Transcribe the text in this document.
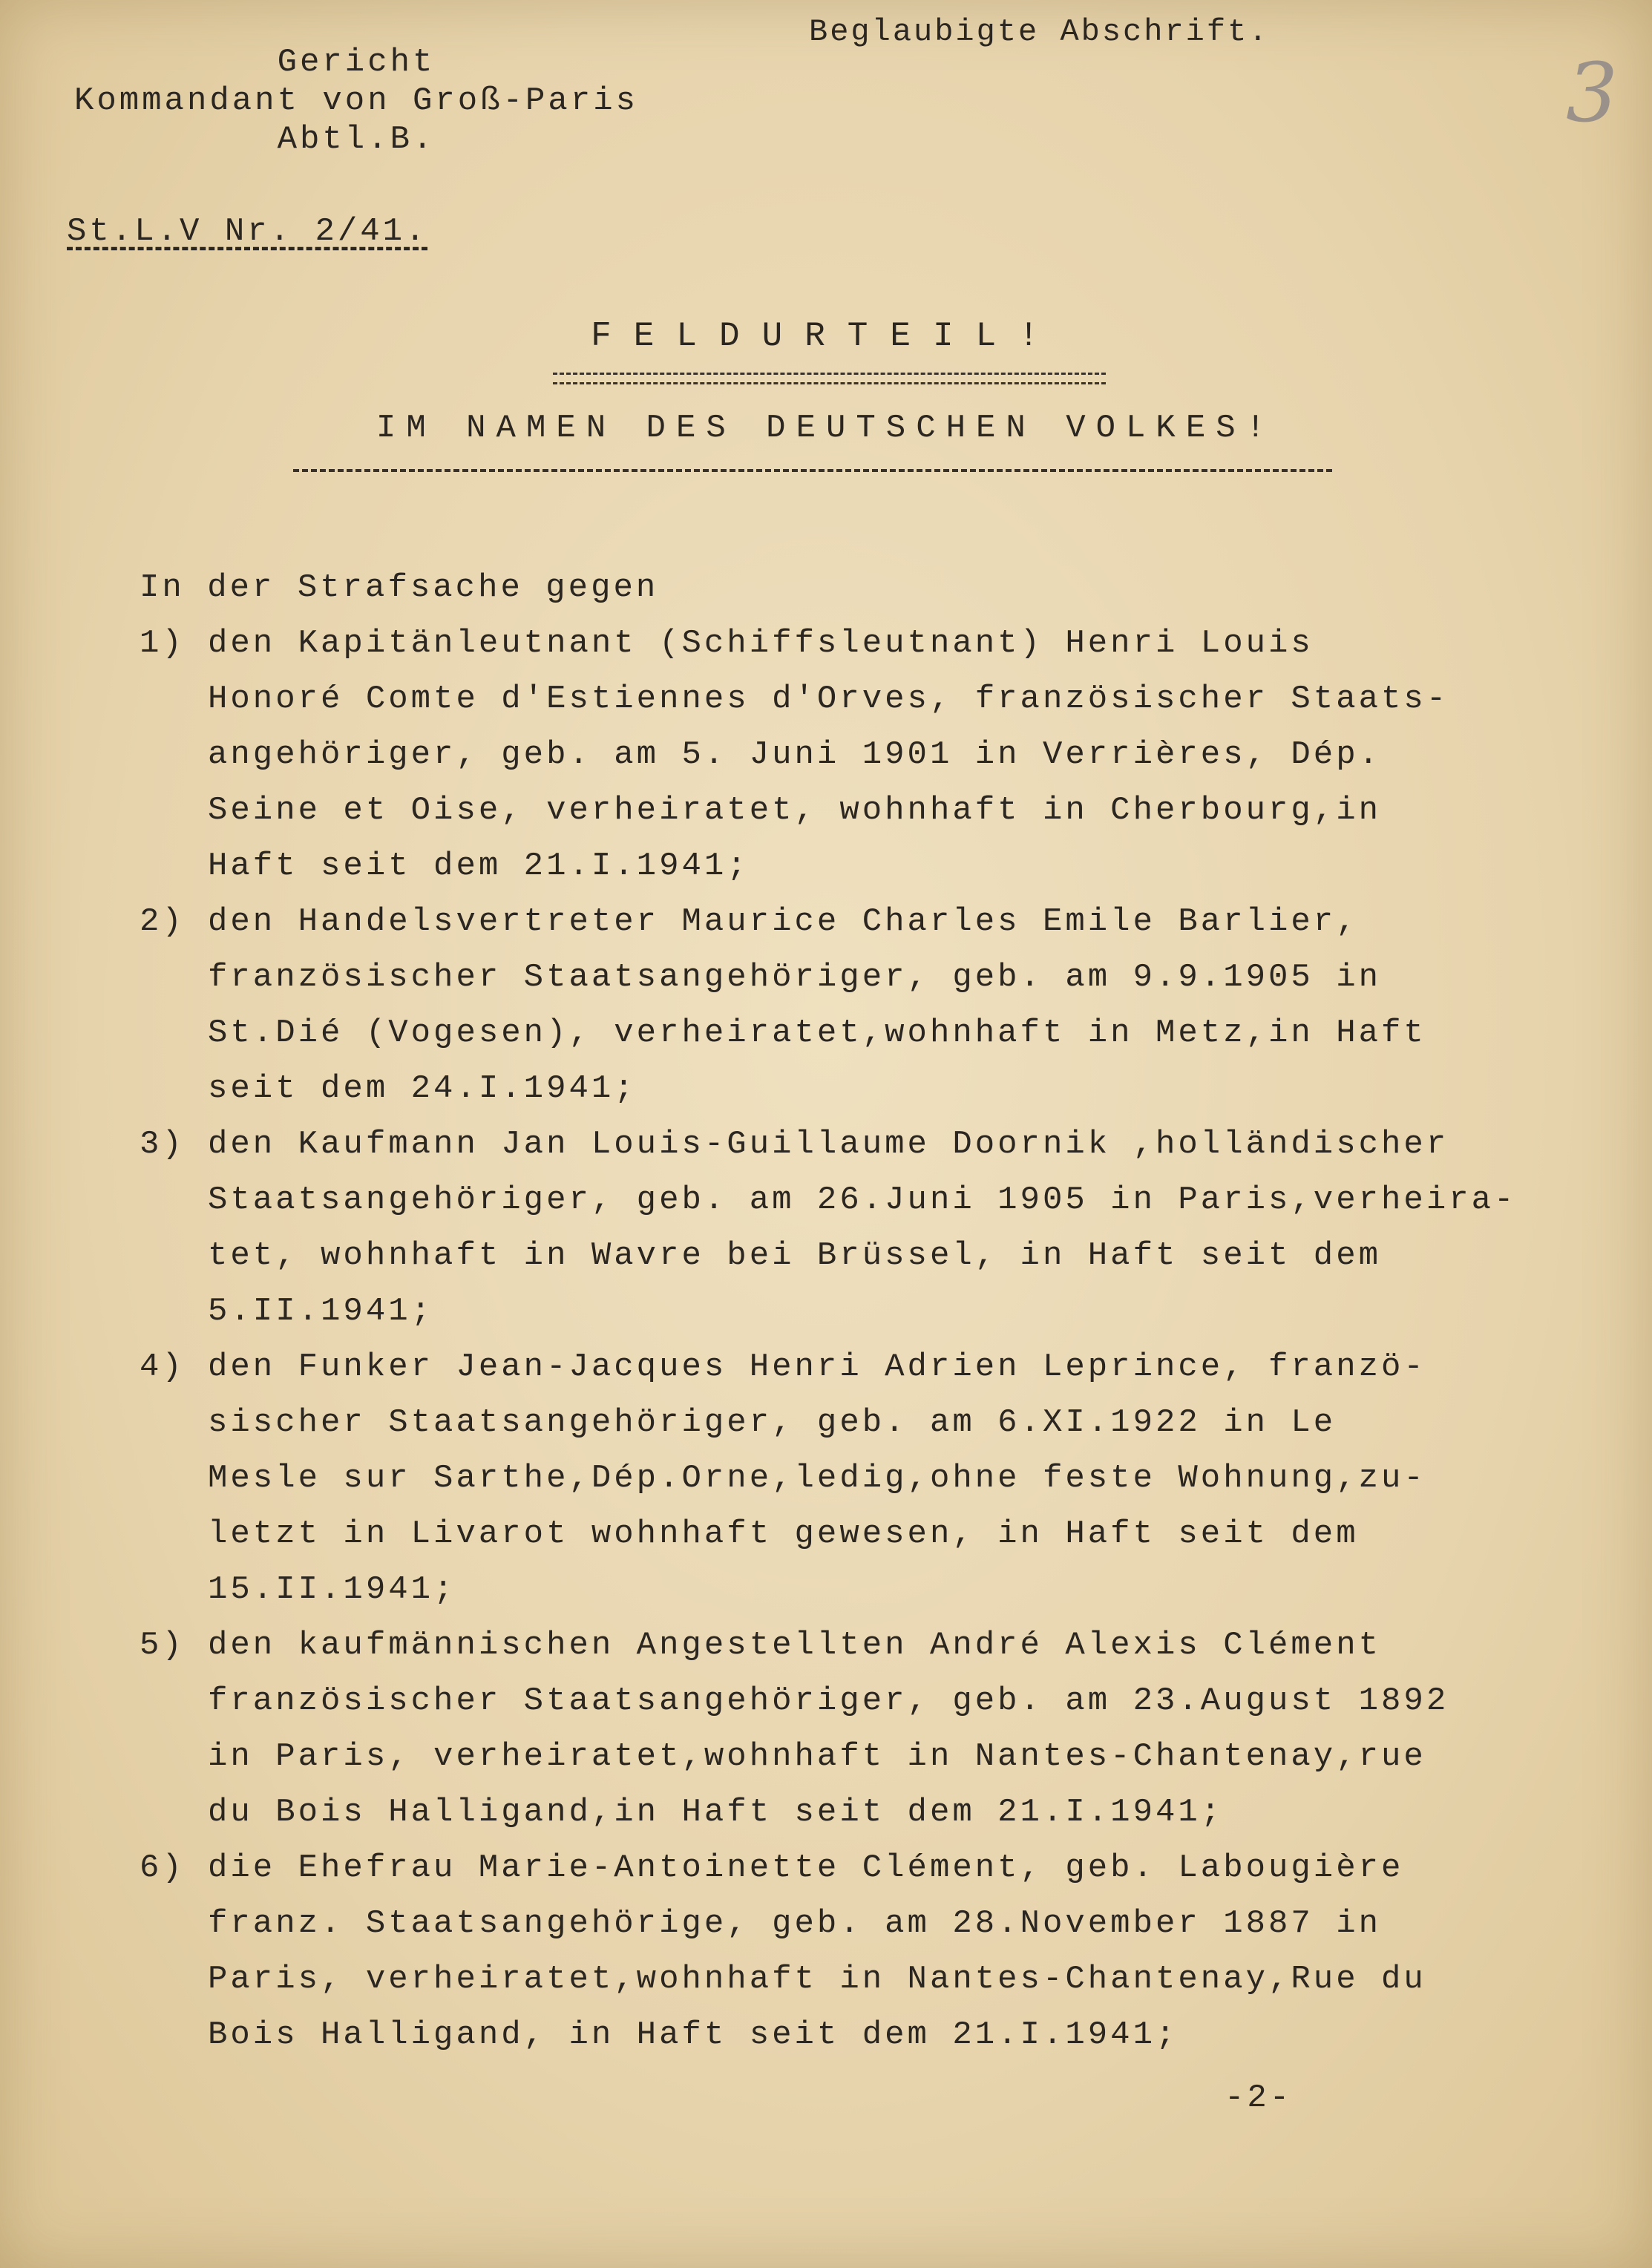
Gericht
Kommandant von Groß-Paris
Abtl.B.
St.L.V Nr. 2/41.
Beglaubigte Abschrift.
3
FELDURTEIL!
IM NAMEN DES DEUTSCHEN VOLKES!
In der Strafsache gegen
1) den Kapitänleutnant (Schiffsleutnant) Henri Louis
Honoré Comte d'Estiennes d'Orves, französischer Staats-
angehöriger, geb. am 5. Juni 1901 in Verrières, Dép.
Seine et Oise, verheiratet, wohnhaft in Cherbourg,in
Haft seit dem 21.I.1941;
2) den Handelsvertreter Maurice Charles Emile Barlier,
französischer Staatsangehöriger, geb. am 9.9.1905 in
St.Dié (Vogesen), verheiratet,wohnhaft in Metz,in Haft
seit dem 24.I.1941;
3) den Kaufmann Jan Louis-Guillaume Doornik ,holländischer
Staatsangehöriger, geb. am 26.Juni 1905 in Paris,verheira-
tet, wohnhaft in Wavre bei Brüssel, in Haft seit dem
5.II.1941;
4) den Funker Jean-Jacques Henri Adrien Leprince, franzö-
sischer Staatsangehöriger, geb. am 6.XI.1922 in Le
Mesle sur Sarthe,Dép.Orne,ledig,ohne feste Wohnung,zu-
letzt in Livarot wohnhaft gewesen, in Haft seit dem
15.II.1941;
5) den kaufmännischen Angestellten André Alexis Clément
französischer Staatsangehöriger, geb. am 23.August 1892
in Paris, verheiratet,wohnhaft in Nantes-Chantenay,rue
du Bois Halligand,in Haft seit dem 21.I.1941;
6) die Ehefrau Marie-Antoinette Clément, geb. Labougière
franz. Staatsangehörige, geb. am 28.November 1887 in
Paris, verheiratet,wohnhaft in Nantes-Chantenay,Rue du
Bois Halligand, in Haft seit dem 21.I.1941;
-2-
